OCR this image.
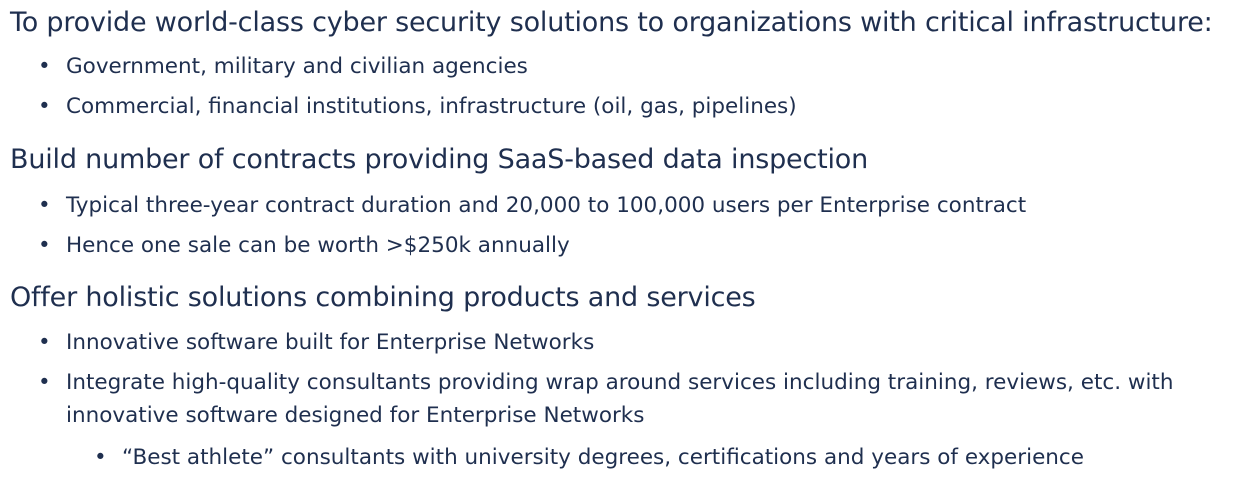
To provide world-class cyber security solutions to organizations with critical infrastructure:
• Government, military and civilian agencies
• Commercial, financial institutions, infrastructure (oil, gas, pipelines)
Build number of contracts providing SaaS-based data inspection
• Typical three-year contract duration and 20,000 to 100,000 users per Enterprise contract
• Hence one sale can be worth >$250k annually
Offer holistic solutions combining products and services
• Innovative software built for Enterprise Networks
• Integrate high-quality consultants providing wrap around services including training, reviews, etc. with
innovative software designed for Enterprise Networks
• “Best athlete” consultants with university degrees, certifications and years of experience
